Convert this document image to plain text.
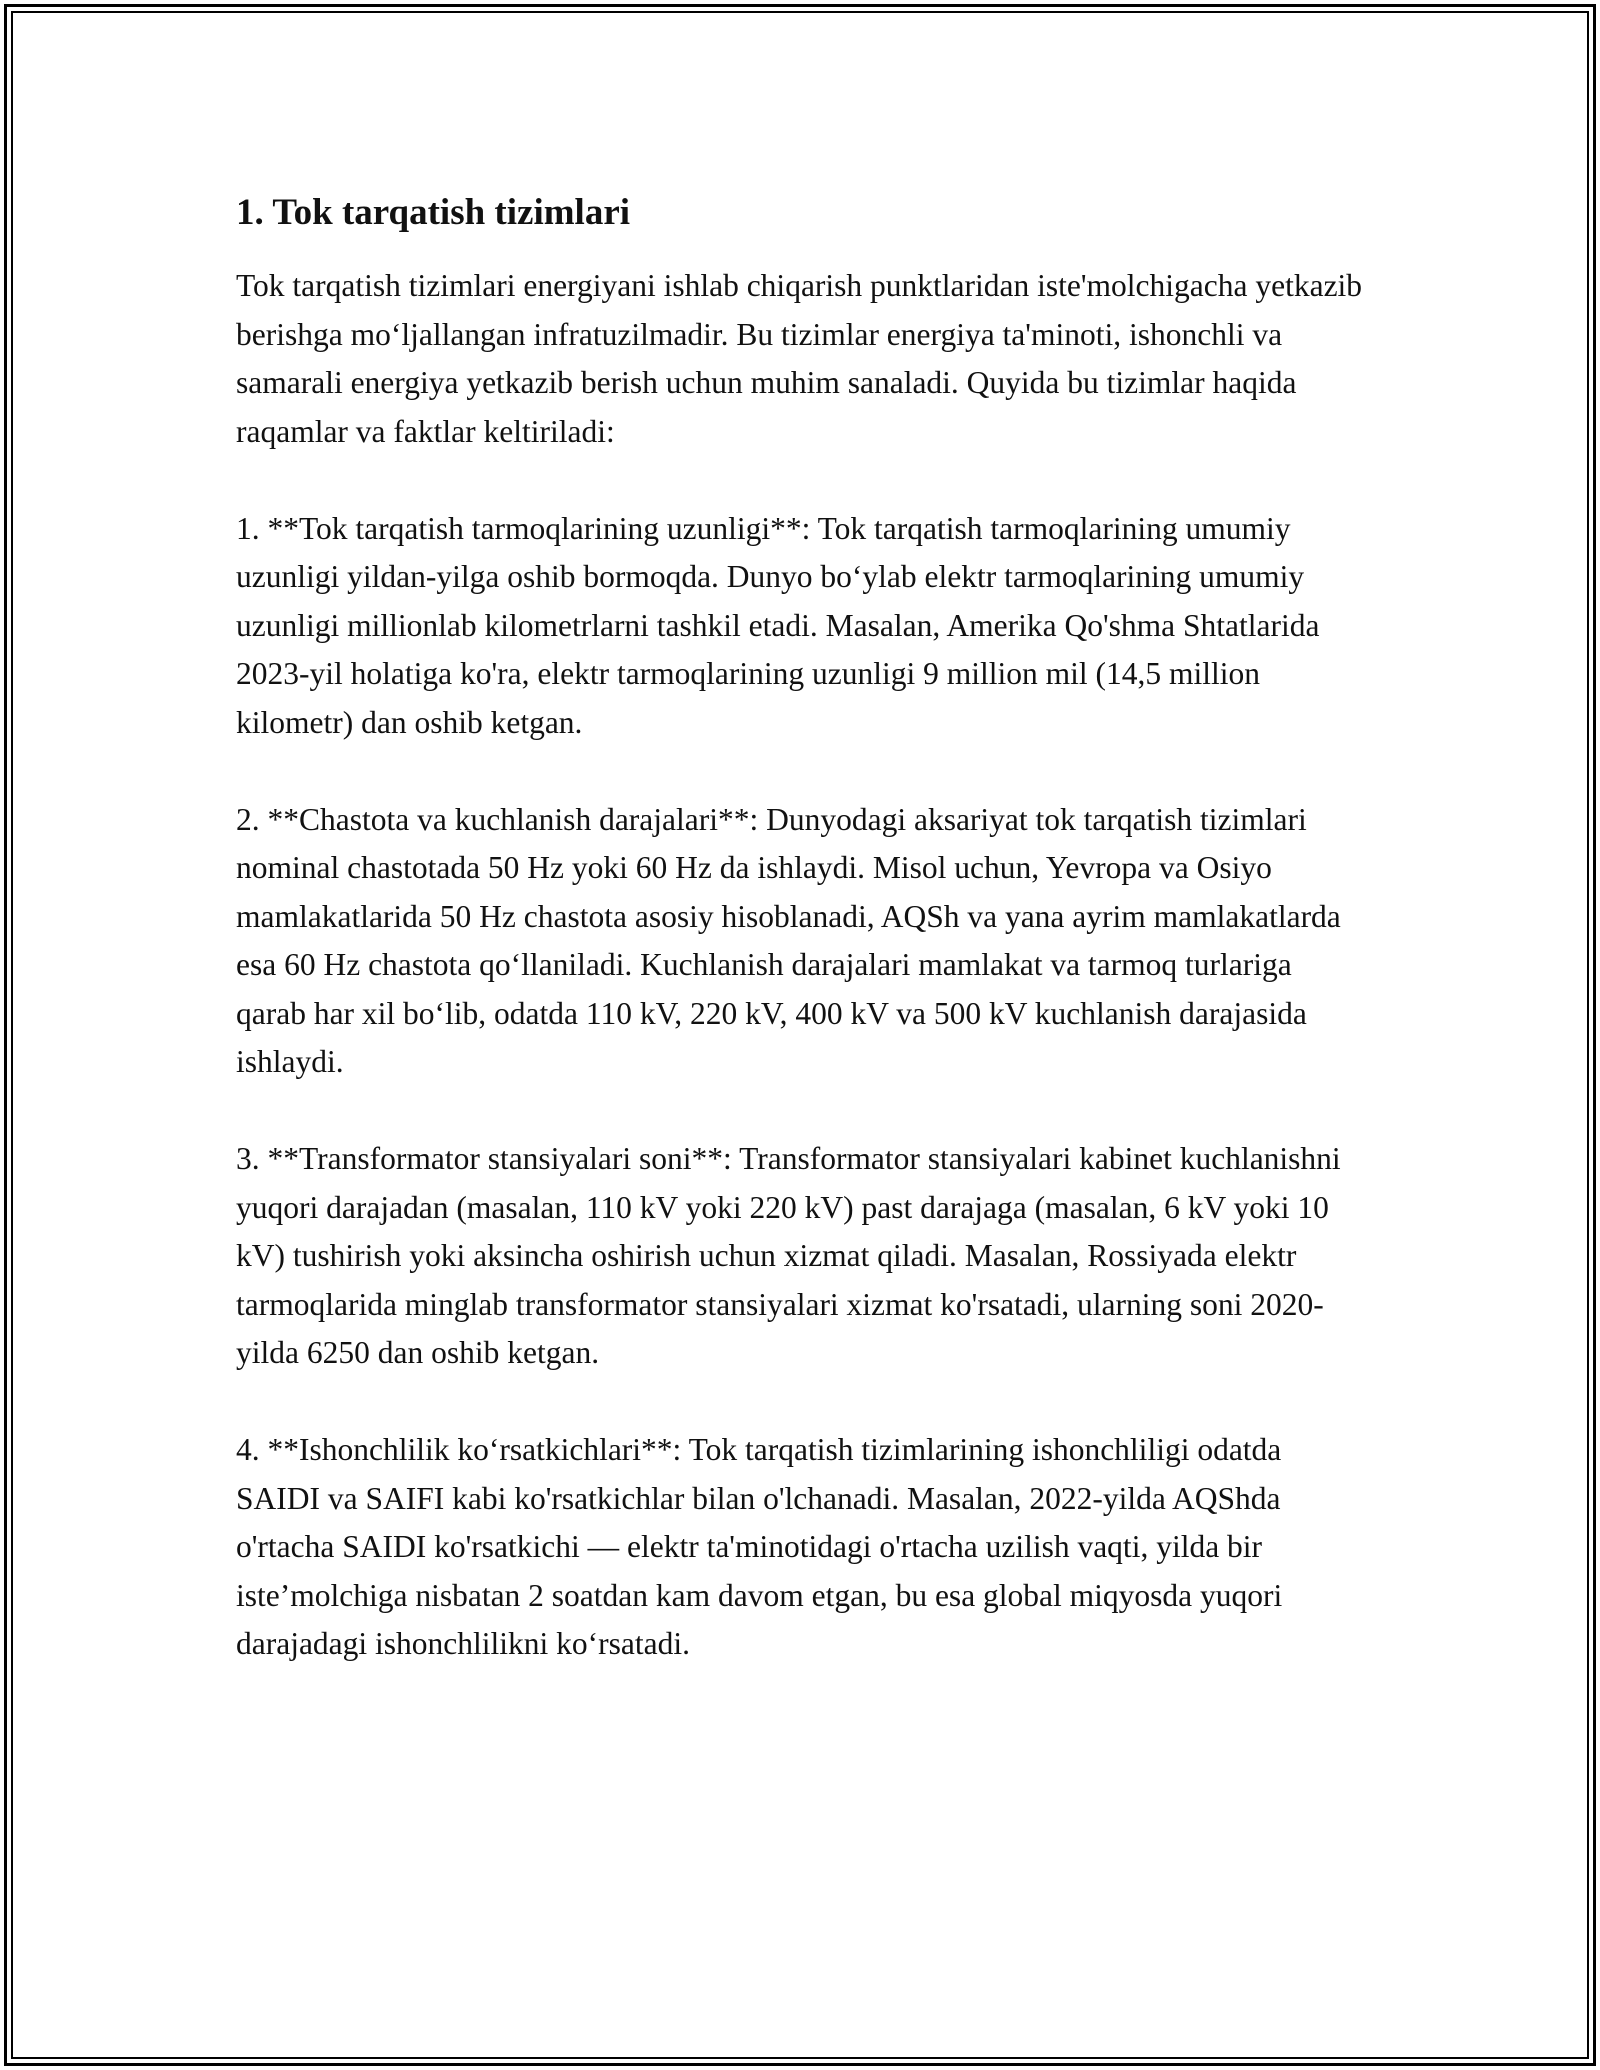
1. Tok tarqatish tizimlari

Tok tarqatish tizimlari energiyani ishlab chiqarish punktlaridan iste'molchigacha yetkazib berishga mo‘ljallangan infratuzilmadir. Bu tizimlar energiya ta'minoti, ishonchli va samarali energiya yetkazib berish uchun muhim sanaladi. Quyida bu tizimlar haqida raqamlar va faktlar keltiriladi:

1. **Tok tarqatish tarmoqlarining uzunligi**: Tok tarqatish tarmoqlarining umumiy uzunligi yildan-yilga oshib bormoqda. Dunyo bo‘ylab elektr tarmoqlarining umumiy uzunligi millionlab kilometrlarni tashkil etadi. Masalan, Amerika Qo'shma Shtatlarida 2023-yil holatiga ko'ra, elektr tarmoqlarining uzunligi 9 million mil (14,5 million kilometr) dan oshib ketgan.

2. **Chastota va kuchlanish darajalari**: Dunyodagi aksariyat tok tarqatish tizimlari nominal chastotada 50 Hz yoki 60 Hz da ishlaydi. Misol uchun, Yevropa va Osiyo mamlakatlarida 50 Hz chastota asosiy hisoblanadi, AQSh va yana ayrim mamlakatlarda esa 60 Hz chastota qo‘llaniladi. Kuchlanish darajalari mamlakat va tarmoq turlariga qarab har xil bo‘lib, odatda 110 kV, 220 kV, 400 kV va 500 kV kuchlanish darajasida ishlaydi.

3. **Transformator stansiyalari soni**: Transformator stansiyalari kabinet kuchlanishni yuqori darajadan (masalan, 110 kV yoki 220 kV) past darajaga (masalan, 6 kV yoki 10 kV) tushirish yoki aksincha oshirish uchun xizmat qiladi. Masalan, Rossiyada elektr tarmoqlarida minglab transformator stansiyalari xizmat ko'rsatadi, ularning soni 2020-yilda 6250 dan oshib ketgan.

4. **Ishonchlilik ko‘rsatkichlari**: Tok tarqatish tizimlarining ishonchliligi odatda SAIDI va SAIFI kabi ko'rsatkichlar bilan o'lchanadi. Masalan, 2022-yilda AQShda o'rtacha SAIDI ko'rsatkichi — elektr ta'minotidagi o'rtacha uzilish vaqti, yilda bir iste’molchiga nisbatan 2 soatdan kam davom etgan, bu esa global miqyosda yuqori darajadagi ishonchlilikni ko‘rsatadi.
